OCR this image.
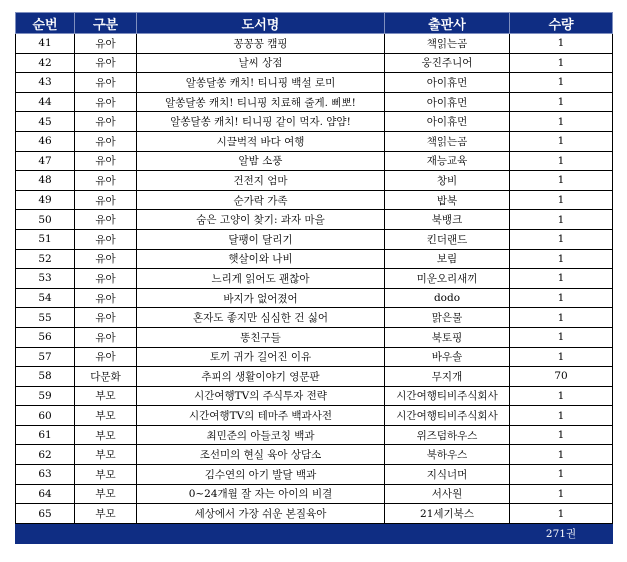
순번	구분	도서명	출판사	수량
41	유아	꽁꽁꽁 캠핑	책읽는곰	1
42	유아	날씨 상점	웅진주니어	1
43	유아	알쏭달쏭 캐치! 티니핑 백설 로미	아이휴먼	1
44	유아	알쏭달쏭 캐치! 티니핑 치료해 줄게. 삐뽀!	아이휴먼	1
45	유아	알쏭달쏭 캐치! 티니핑 같이 먹자. 얌얌!	아이휴먼	1
46	유아	시끌벅적 바다 여행	책읽는곰	1
47	유아	알밤 소풍	재능교육	1
48	유아	건전지 엄마	창비	1
49	유아	순가락 가족	밥북	1
50	유아	숨은 고양이 찾기: 과자 마을	북뱅크	1
51	유아	달팽이 달리기	킨더랜드	1
52	유아	햇살이와 나비	보림	1
53	유아	느리게 읽어도 괜찮아	미운오리새끼	1
54	유아	바지가 없어졌어	dodo	1
55	유아	혼자도 좋지만 심심한 건 싫어	맑은물	1
56	유아	똥친구들	북토핑	1
57	유아	토끼 귀가 길어진 이유	바우솔	1
58	다문화	추피의 생활이야기 영문판	무지개	70
59	부모	시간여행TV의 주식투자 전략	시간여행티비주식회사	1
60	부모	시간여행TV의 테마주 백과사전	시간여행티비주식회사	1
61	부모	최민준의 아들코칭 백과	위즈덤하우스	1
62	부모	조선미의 현실 육아 상담소	북하우스	1
63	부모	김수연의 아기 발달 백과	지식너머	1
64	부모	0~24개월 잘 자는 아이의 비결	서사원	1
65	부모	세상에서 가장 쉬운 본질육아	21세기북스	1
				271권
